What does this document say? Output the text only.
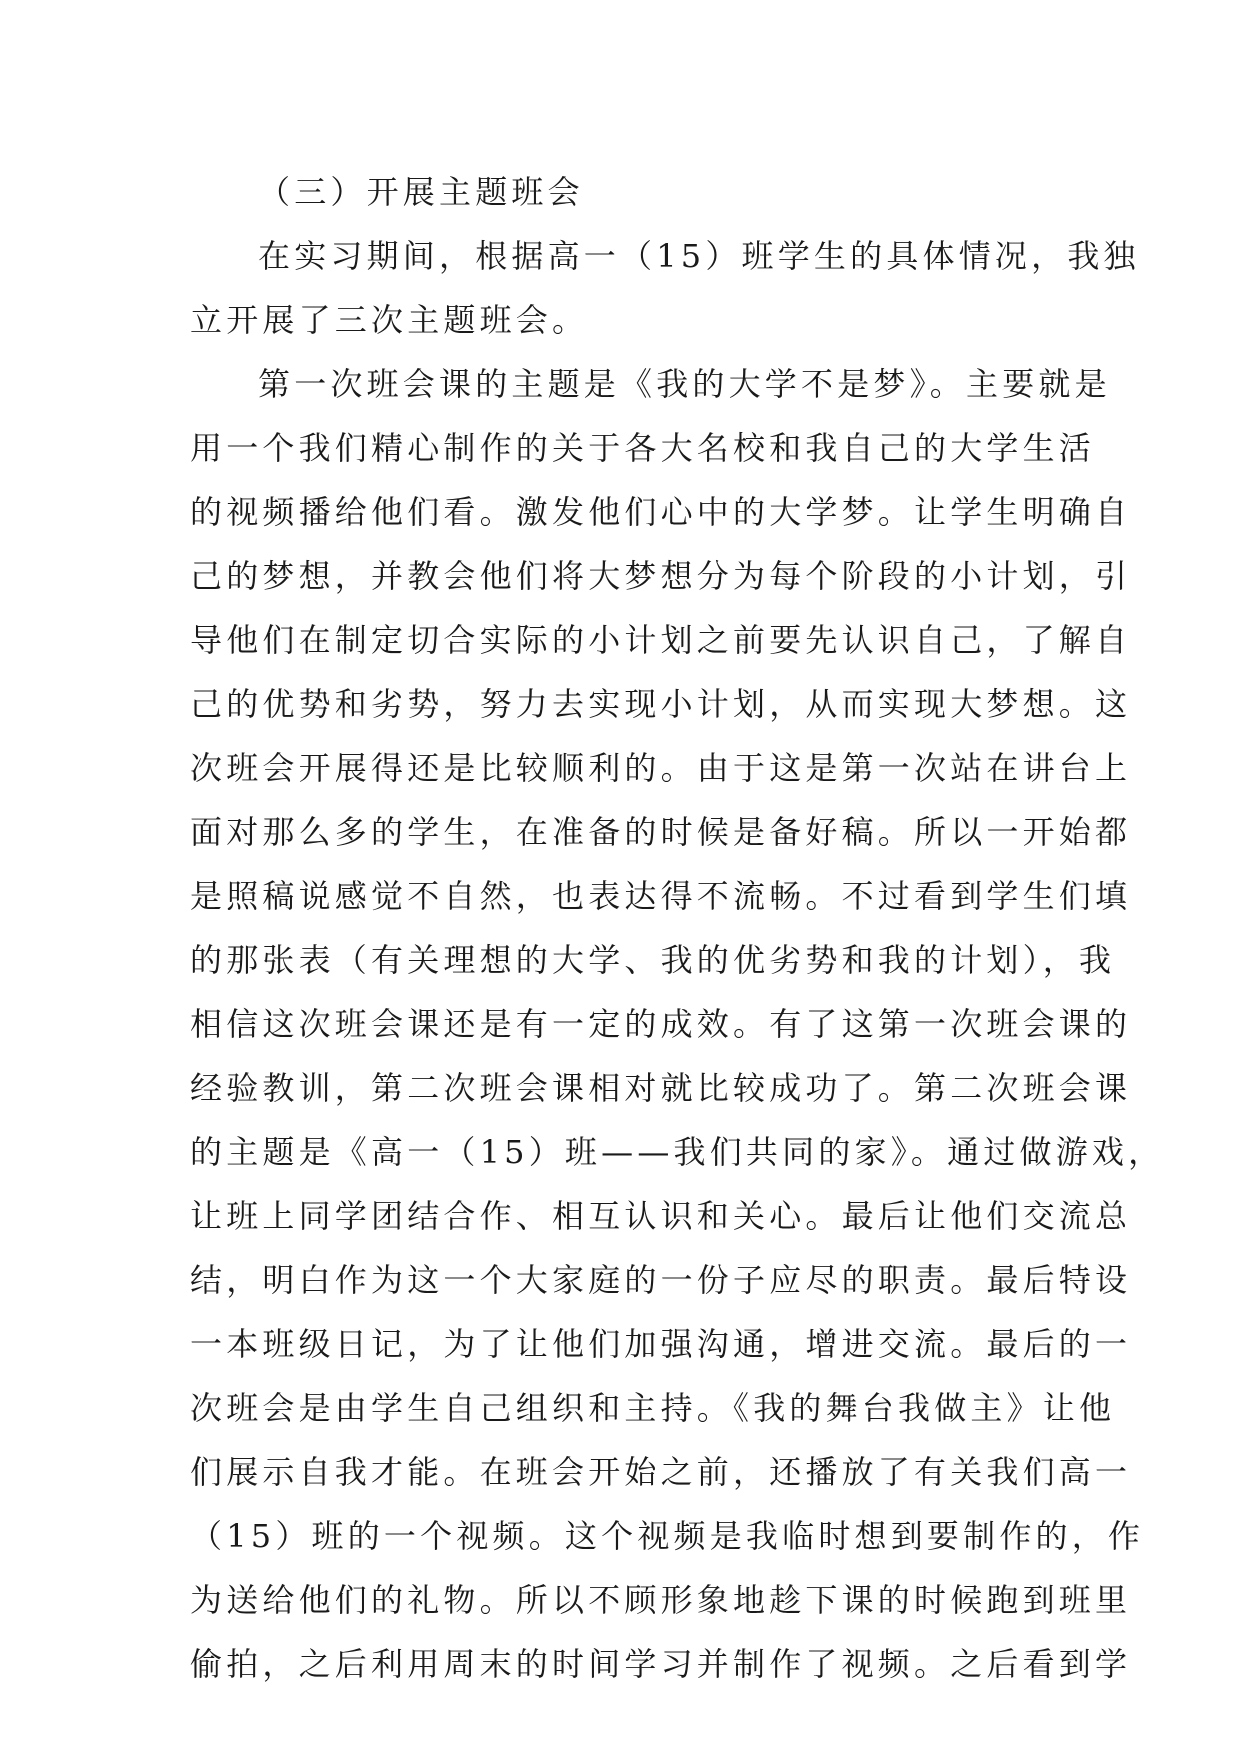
（三）开展主题班会
在实习期间，根据高一（15）班学生的具体情况，我独
立开展了三次主题班会。
第一次班会课的主题是《我的大学不是梦》。主要就是
用一个我们精心制作的关于各大名校和我自己的大学生活
的视频播给他们看。激发他们心中的大学梦。让学生明确自
己的梦想，并教会他们将大梦想分为每个阶段的小计划，引
导他们在制定切合实际的小计划之前要先认识自己，了解自
己的优势和劣势，努力去实现小计划，从而实现大梦想。这
次班会开展得还是比较顺利的。由于这是第一次站在讲台上
面对那么多的学生，在准备的时候是备好稿。所以一开始都
是照稿说感觉不自然，也表达得不流畅。不过看到学生们填
的那张表（有关理想的大学、我的优劣势和我的计划），我
相信这次班会课还是有一定的成效。有了这第一次班会课的
经验教训，第二次班会课相对就比较成功了。第二次班会课
的主题是《高一（15）班——我们共同的家》。通过做游戏，
让班上同学团结合作、相互认识和关心。最后让他们交流总
结，明白作为这一个大家庭的一份子应尽的职责。最后特设
一本班级日记，为了让他们加强沟通，增进交流。最后的一
次班会是由学生自己组织和主持。《我的舞台我做主》让他
们展示自我才能。在班会开始之前，还播放了有关我们高一
（15）班的一个视频。这个视频是我临时想到要制作的，作
为送给他们的礼物。所以不顾形象地趁下课的时候跑到班里
偷拍，之后利用周末的时间学习并制作了视频。之后看到学
